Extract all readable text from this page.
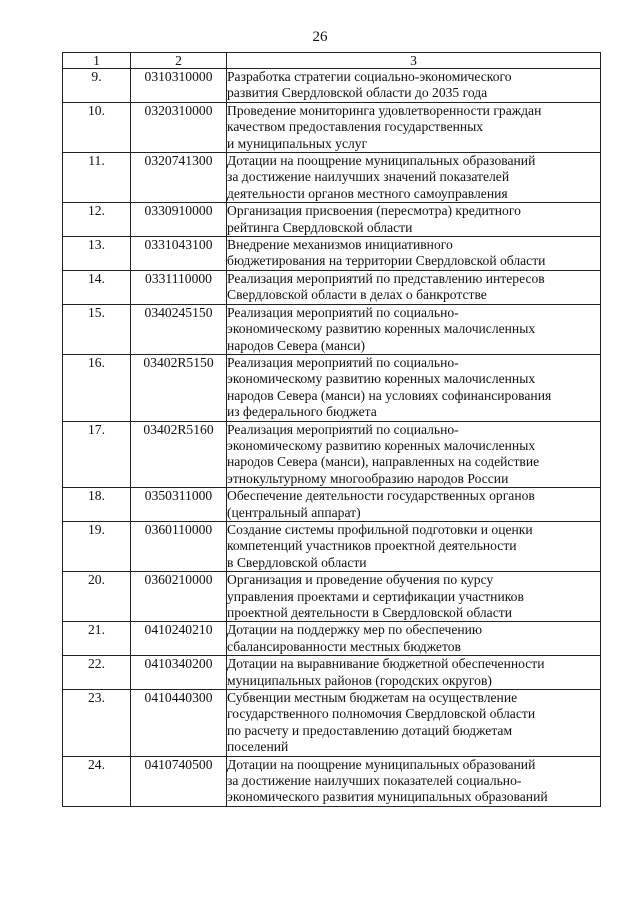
26
1	2	3
9.	0310310000	Разработка стратегии социально-экономического
развития Свердловской области до 2035 года

10.	0320310000	Проведение мониторинга удовлетворенности граждан
качеством предоставления государственных
и муниципальных услуг

11.	0320741300	Дотации на поощрение муниципальных образований
за достижение наилучших значений показателей
деятельности органов местного самоуправления

12.	0330910000	Организация присвоения (пересмотра) кредитного
рейтинга Свердловской области

13.	0331043100	Внедрение механизмов инициативного
бюджетирования на территории Свердловской области

14.	0331110000	Реализация мероприятий по представлению интересов
Свердловской области в делах о банкротстве

15.	0340245150	Реализация мероприятий по социально-
экономическому развитию коренных малочисленных
народов Севера (манси)

16.	03402R5150	Реализация мероприятий по социально-
экономическому развитию коренных малочисленных
народов Севера (манси) на условиях софинансирования
из федерального бюджета

17.	03402R5160	Реализация мероприятий по социально-
экономическому развитию коренных малочисленных
народов Севера (манси), направленных на содействие
этнокультурному многообразию народов России

18.	0350311000	Обеспечение деятельности государственных органов
(центральный аппарат)

19.	0360110000	Создание системы профильной подготовки и оценки
компетенций участников проектной деятельности
в Свердловской области

20.	0360210000	Организация и проведение обучения по курсу
управления проектами и сертификации участников
проектной деятельности в Свердловской области

21.	0410240210	Дотации на поддержку мер по обеспечению
сбалансированности местных бюджетов

22.	0410340200	Дотации на выравнивание бюджетной обеспеченности
муниципальных районов (городских округов)

23.	0410440300	Субвенции местным бюджетам на осуществление
государственного полномочия Свердловской области
по расчету и предоставлению дотаций бюджетам
поселений

24.	0410740500	Дотации на поощрение муниципальных образований
за достижение наилучших показателей социально-
экономического развития муниципальных образований
